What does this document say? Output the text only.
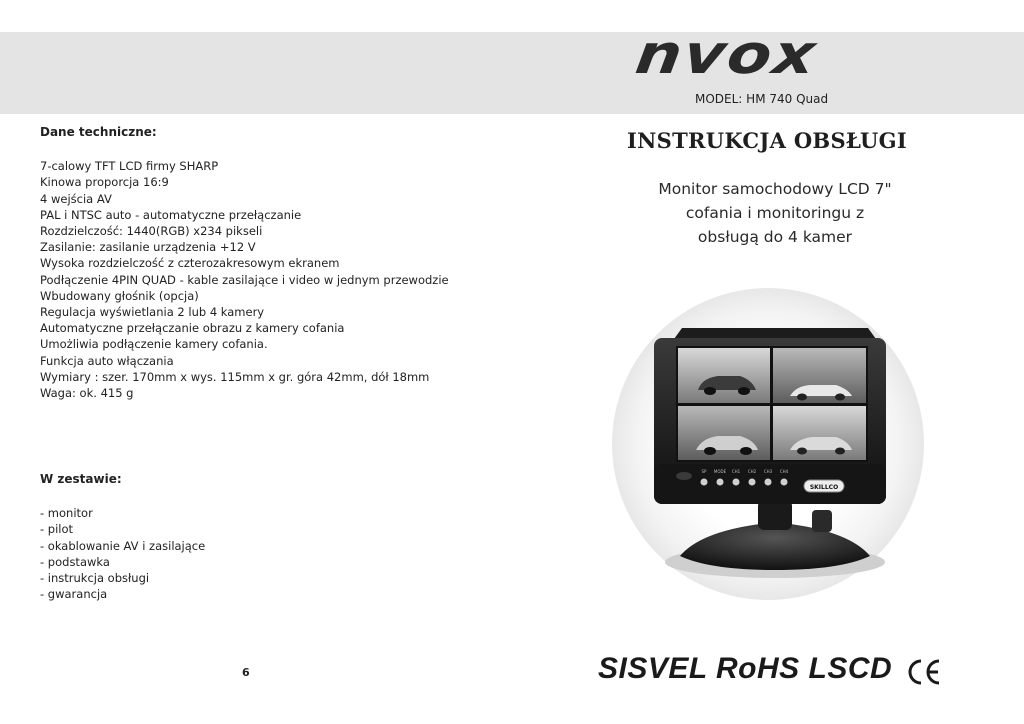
nvox
MODEL: HM 740 Quad
Dane techniczne:
7-calowy TFT LCD firmy SHARP
Kinowa proporcja 16:9
4 wejścia AV
PAL i NTSC auto - automatyczne przełączanie
Rozdzielczość: 1440(RGB) x234 pikseli
Zasilanie: zasilanie urządzenia +12 V
Wysoka rozdzielczość z czterozakresowym ekranem
Podłączenie 4PIN QUAD - kable zasilające i video w jednym przewodzie
Wbudowany głośnik (opcja)
Regulacja wyświetlania 2 lub 4 kamery
Automatyczne przełączanie obrazu z kamery cofania
Umożliwia podłączenie kamery cofania.
Funkcja auto włączania
Wymiary : szer. 170mm x wys. 115mm x gr. góra 42mm, dół 18mm
Waga: ok. 415 g
W zestawie:
- monitor
- pilot
- okablowanie AV i zasilające
- podstawka
- instrukcja obsługi
- gwarancja
INSTRUKCJA OBSŁUGI
Monitor samochodowy LCD 7"
cofania i monitoringu z
obsługą do 4 kamer
SP MODE CH1 CH2 CH3 CH4
SKILLCO
6	SISVEL RoHS LSCD
